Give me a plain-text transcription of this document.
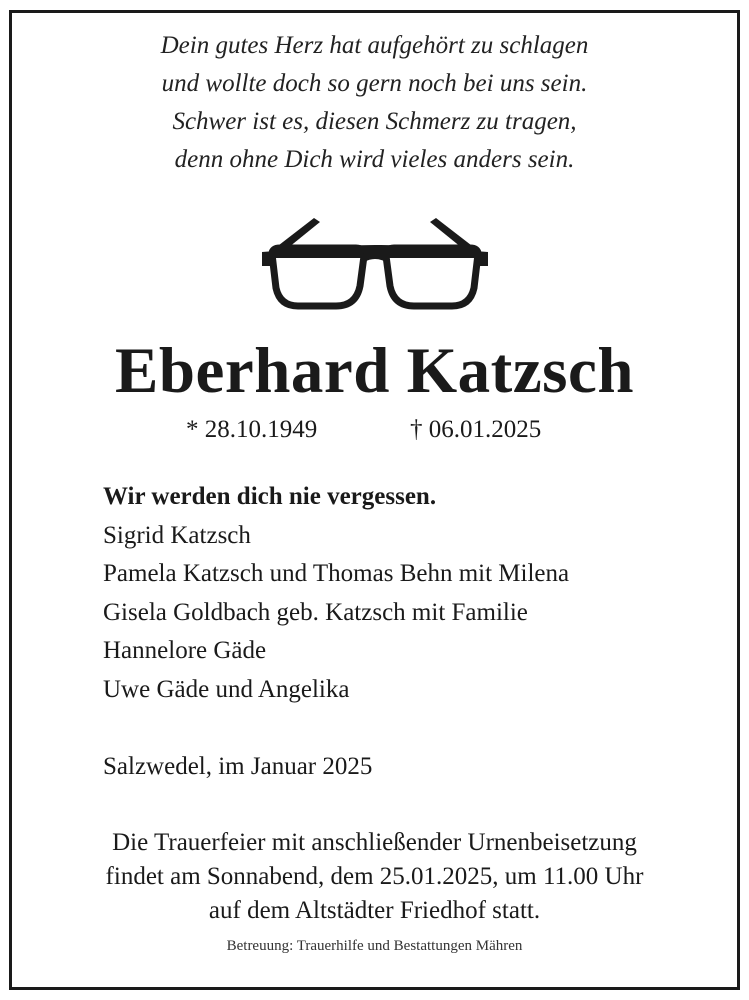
Dein gutes Herz hat aufgehört zu schlagen
und wollte doch so gern noch bei uns sein.
Schwer ist es, diesen Schmerz zu tragen,
denn ohne Dich wird vieles anders sein.
Eberhard Katzsch
* 28.10.1949	† 06.01.2025
Wir werden dich nie vergessen.
Sigrid Katzsch
Pamela Katzsch und Thomas Behn mit Milena
Gisela Goldbach geb. Katzsch mit Familie
Hannelore Gäde
Uwe Gäde und Angelika
Salzwedel, im Januar 2025
Die Trauerfeier mit anschließender Urnenbeisetzung
findet am Sonnabend, dem 25.01.2025, um 11.00 Uhr
auf dem Altstädter Friedhof statt.
Betreuung: Trauerhilfe und Bestattungen Mähren
